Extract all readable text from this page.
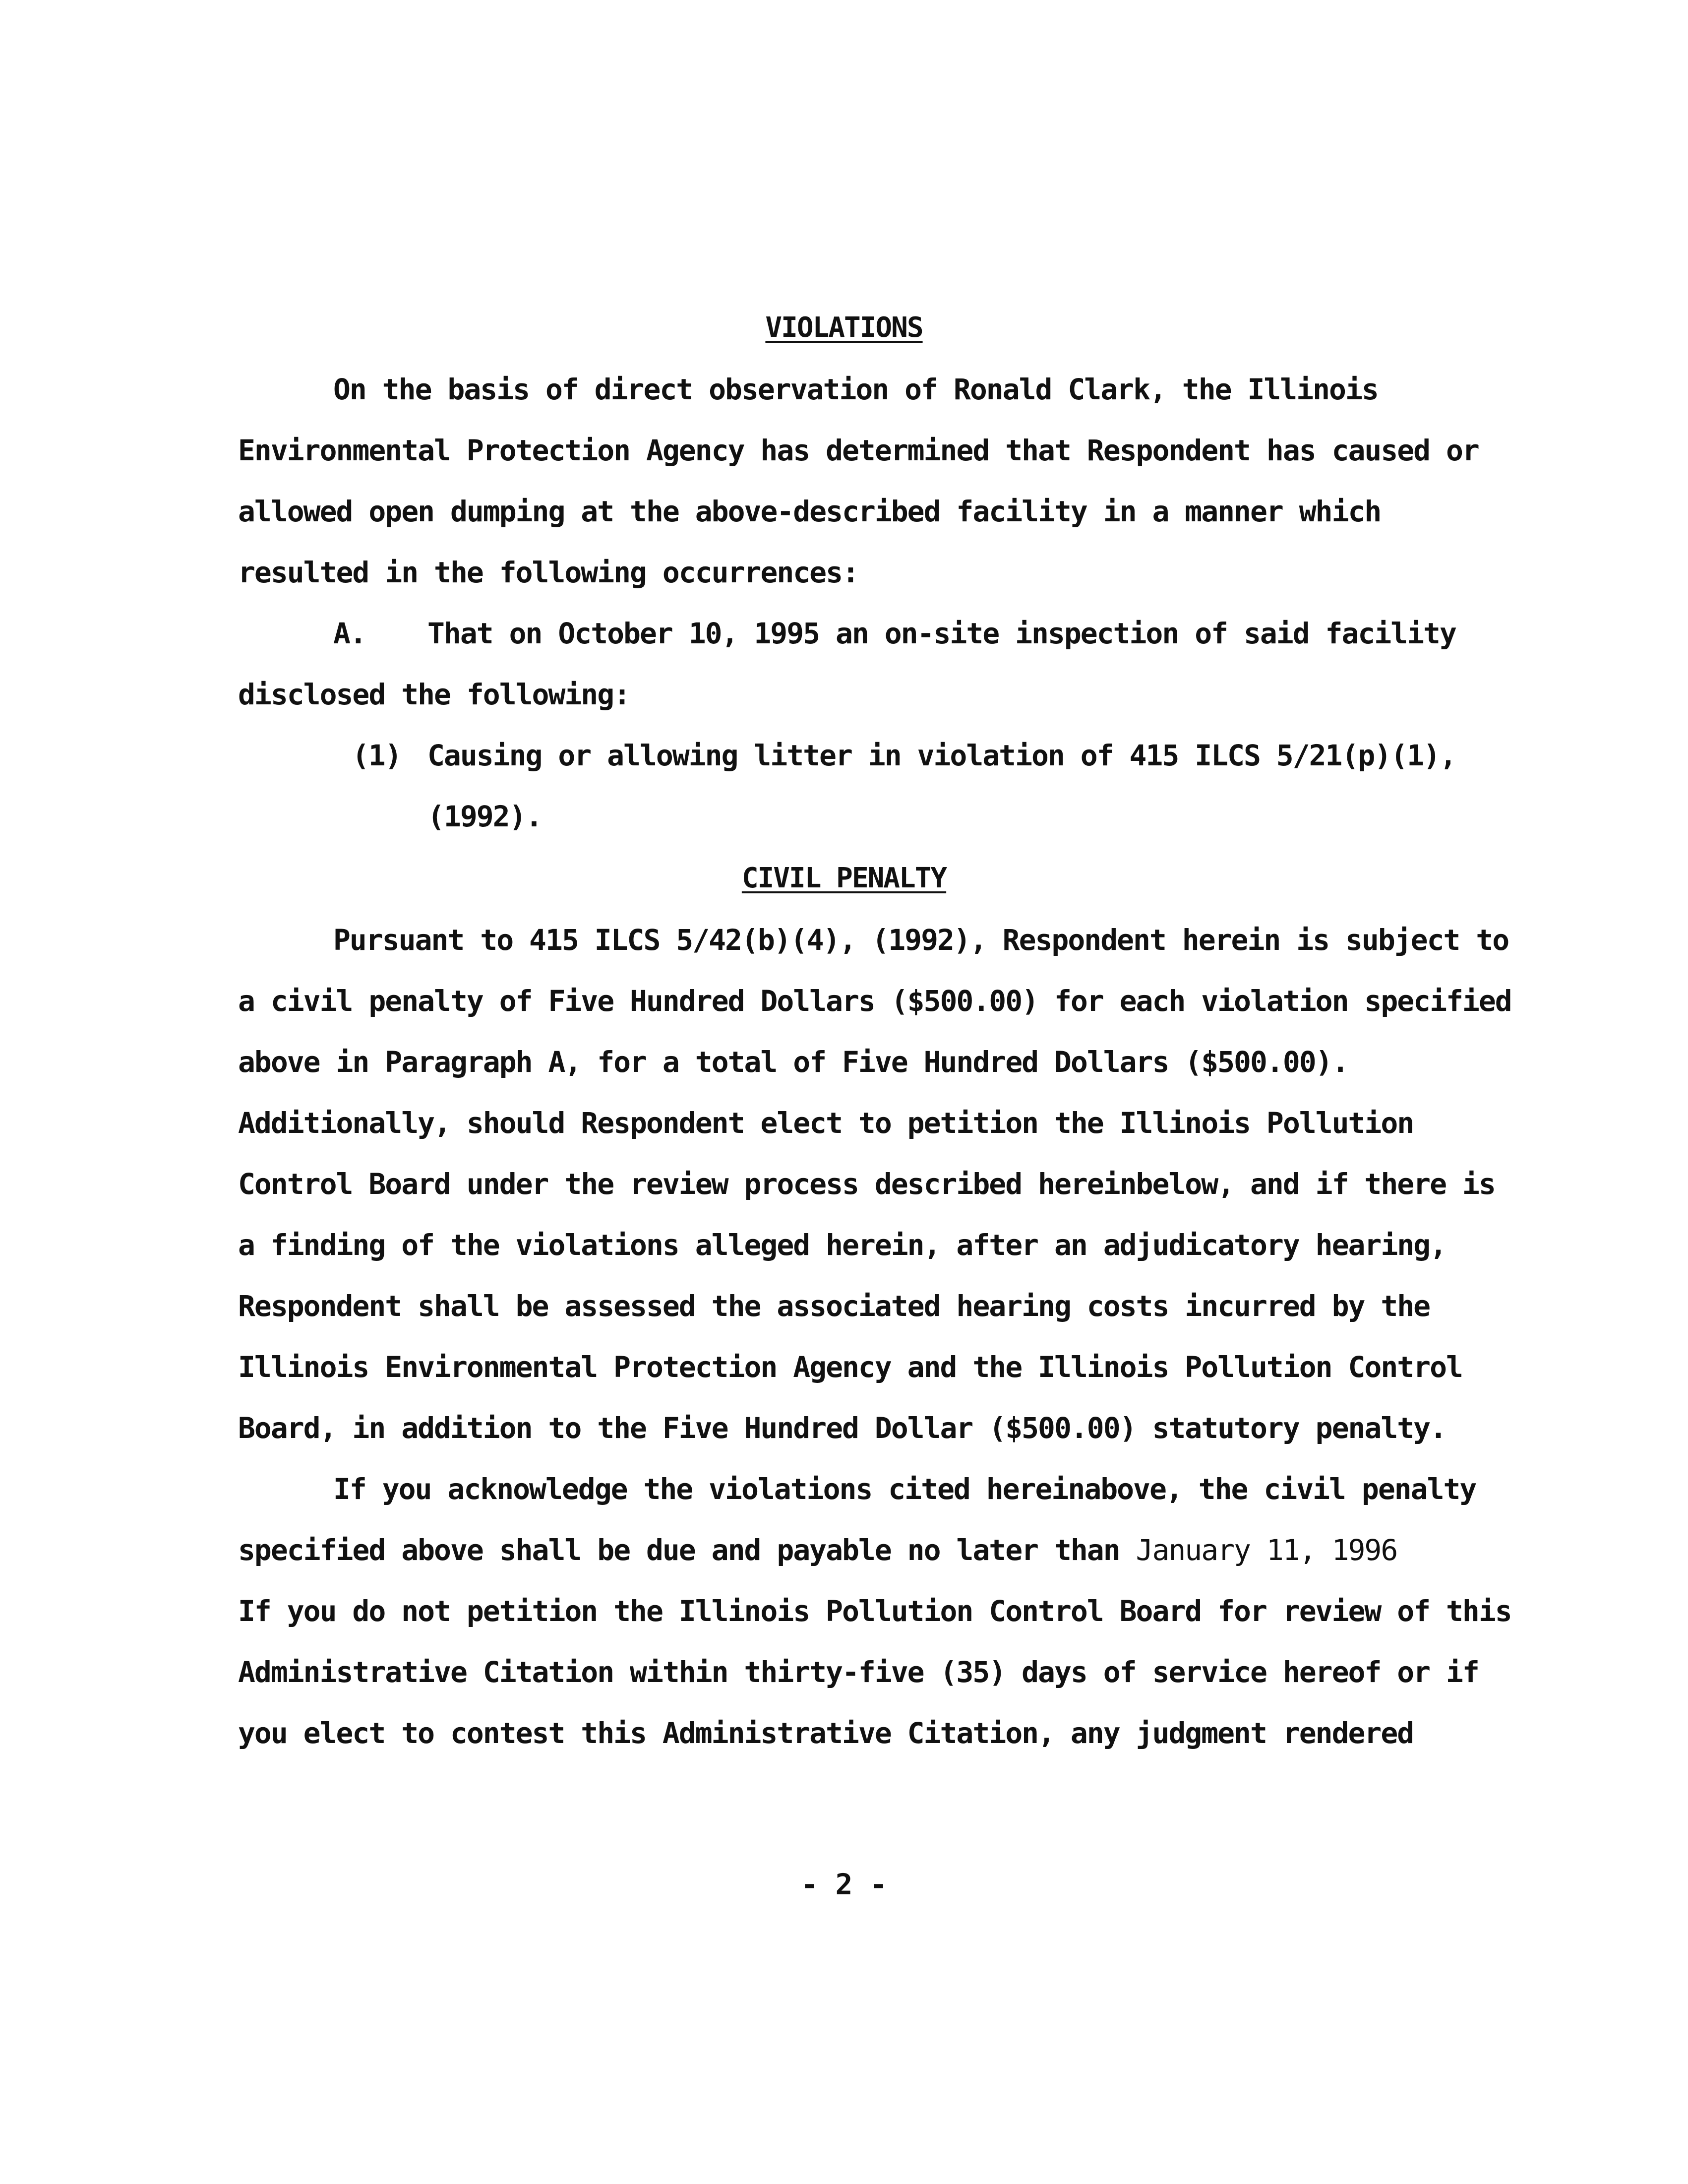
VIOLATIONS
On the basis of direct observation of Ronald Clark, the Illinois
Environmental Protection Agency has determined that Respondent has caused or
allowed open dumping at the above-described facility in a manner which
resulted in the following occurrences:
A. That on October 10, 1995 an on-site inspection of said facility
disclosed the following:
(1) Causing or allowing litter in violation of 415 ILCS 5/21(p)(1),
(1992).
CIVIL PENALTY
Pursuant to 415 ILCS 5/42(b)(4), (1992), Respondent herein is subject to
a civil penalty of Five Hundred Dollars ($500.00) for each violation specified
above in Paragraph A, for a total of Five Hundred Dollars ($500.00).
Additionally, should Respondent elect to petition the Illinois Pollution
Control Board under the review process described hereinbelow, and if there is
a finding of the violations alleged herein, after an adjudicatory hearing,
Respondent shall be assessed the associated hearing costs incurred by the
Illinois Environmental Protection Agency and the Illinois Pollution Control
Board, in addition to the Five Hundred Dollar ($500.00) statutory penalty.
If you acknowledge the violations cited hereinabove, the civil penalty
specified above shall be due and payable no later than January 11, 1996
If you do not petition the Illinois Pollution Control Board for review of this
Administrative Citation within thirty-five (35) days of service hereof or if
you elect to contest this Administrative Citation, any judgment rendered
- 2 -
